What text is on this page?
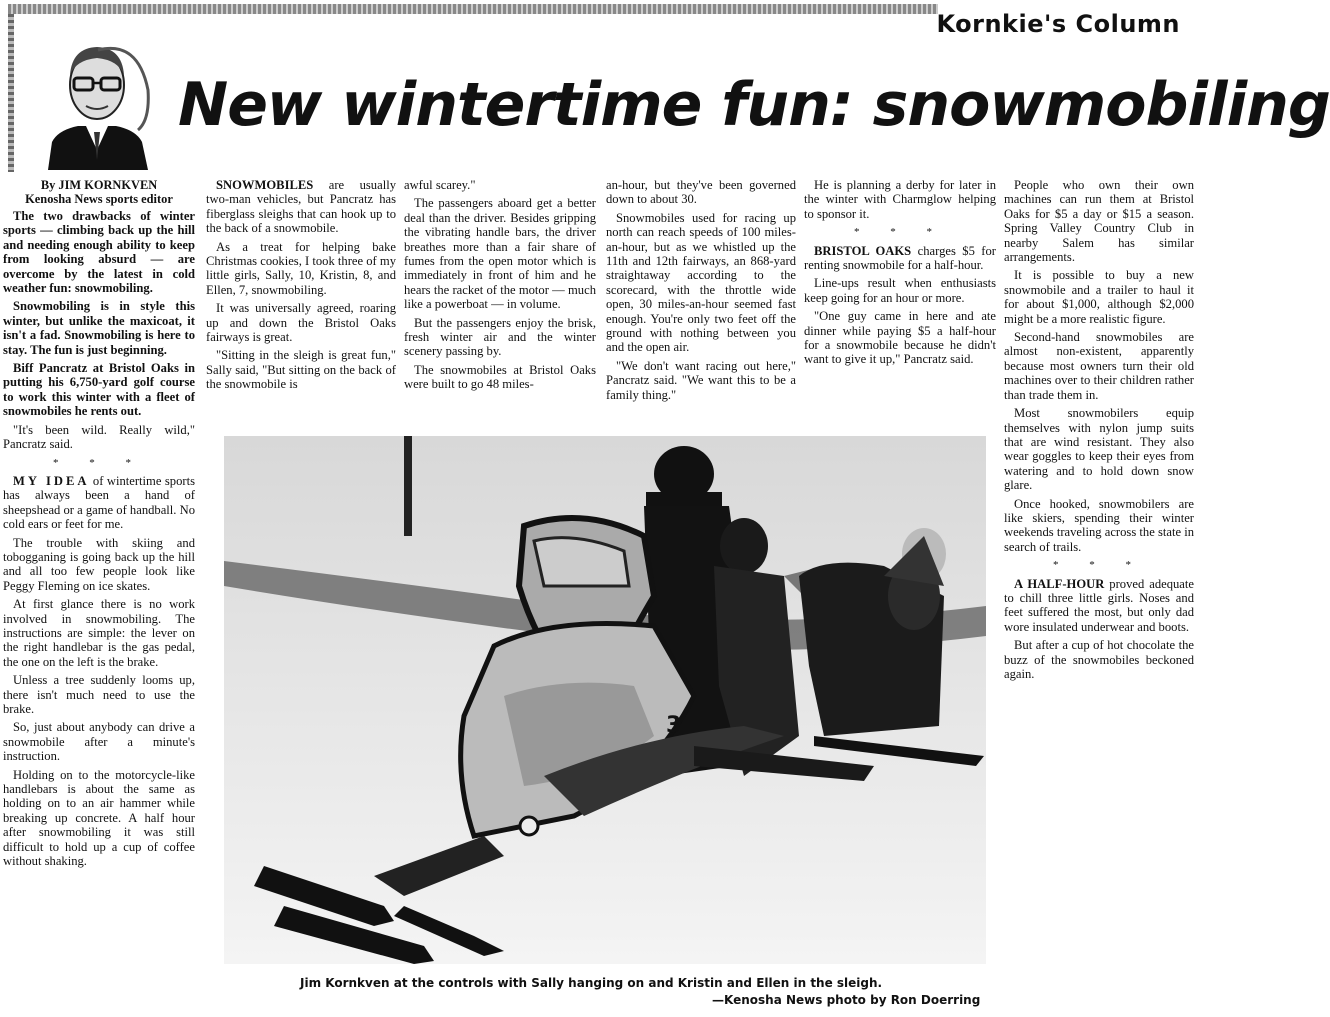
Kornkie's Column
New wintertime fun: snowmobiling
By JIM KORNKVEN
Kenosha News sports editor

The two drawbacks of winter sports — climbing back up the hill and needing enough ability to keep from looking absurd — are overcome by the latest in cold weather fun: snowmobiling.

Snowmobiling is in style this winter, but unlike the maxicoat, it isn't a fad. Snowmobiling is here to stay. The fun is just beginning.

Biff Pancratz at Bristol Oaks in putting his 6,750-yard golf course to work this winter with a fleet of snowmobiles he rents out.

"It's been wild. Really wild," Pancratz said.

* * *

MY IDEA of wintertime sports has always been a hand of sheepshead or a game of handball. No cold ears or feet for me.

The trouble with skiing and tobogganing is going back up the hill and all too few people look like Peggy Fleming on ice skates.

At first glance there is no work involved in snowmobiling. The instructions are simple: the lever on the right handlebar is the gas pedal, the one on the left is the brake.

Unless a tree suddenly looms up, there isn't much need to use the brake.

So, just about anybody can drive a snowmobile after a minute's instruction.

Holding on to the motorcycle-like handlebars is about the same as holding on to an air hammer while breaking up concrete. A half hour after snowmobiling it was still difficult to hold up a cup of coffee without shaking.

SNOWMOBILES are usually two-man vehicles, but Pancratz has fiberglass sleighs that can hook up to the back of a snowmobile.

As a treat for helping bake Christmas cookies, I took three of my little girls, Sally, 10, Kristin, 8, and Ellen, 7, snowmobiling.

It was universally agreed, roaring up and down the Bristol Oaks fairways is great.

"Sitting in the sleigh is great fun," Sally said, "But sitting on the back of the snowmobile is

awful scarey."

The passengers aboard get a better deal than the driver. Besides gripping the vibrating handle bars, the driver breathes more than a fair share of fumes from the open motor which is immediately in front of him and he hears the racket of the motor — much like a powerboat — in volume.

But the passengers enjoy the brisk, fresh winter air and the winter scenery passing by.

The snowmobiles at Bristol Oaks were built to go 48 miles-

an-hour, but they've been governed down to about 30.

Snowmobiles used for racing up north can reach speeds of 100 miles-an-hour, but as we whistled up the 11th and 12th fairways, an 868-yard straightaway according to the scorecard, with the throttle wide open, 30 miles-an-hour seemed fast enough. You're only two feet off the ground with nothing between you and the open air.

"We don't want racing out here," Pancratz said. "We want this to be a family thing."

He is planning a derby for later in the winter with Charmglow helping to sponsor it.

* * *

BRISTOL OAKS charges $5 for renting snowmobile for a half-hour.

Line-ups result when enthusiasts keep going for an hour or more.

"One guy came in here and ate dinner while paying $5 a half-hour for a snowmobile because he didn't want to give it up," Pancratz said.

People who own their own machines can run them at Bristol Oaks for $5 a day or $15 a season. Spring Valley Country Club in nearby Salem has similar arrangements.

It is possible to buy a new snowmobile and a trailer to haul it for about $1,000, although $2,000 might be a more realistic figure.

Second-hand snowmobiles are almost non-existent, apparently because most owners turn their old machines over to their children rather than trade them in.

Most snowmobilers equip themselves with nylon jump suits that are wind resistant. They also wear goggles to keep their eyes from watering and to hold down snow glare.

Once hooked, snowmobilers are like skiers, spending their winter weekends traveling across the state in search of trails.

* * *

A HALF-HOUR proved adequate to chill three little girls. Noses and feet suffered the most, but only dad wore insulated underwear and boots.

But after a cup of hot chocolate the buzz of the snowmobiles beckoned again.

3
Jim Kornkven at the controls with Sally hanging on and Kristin and Ellen in the sleigh.
—Kenosha News photo by Ron Doerring
